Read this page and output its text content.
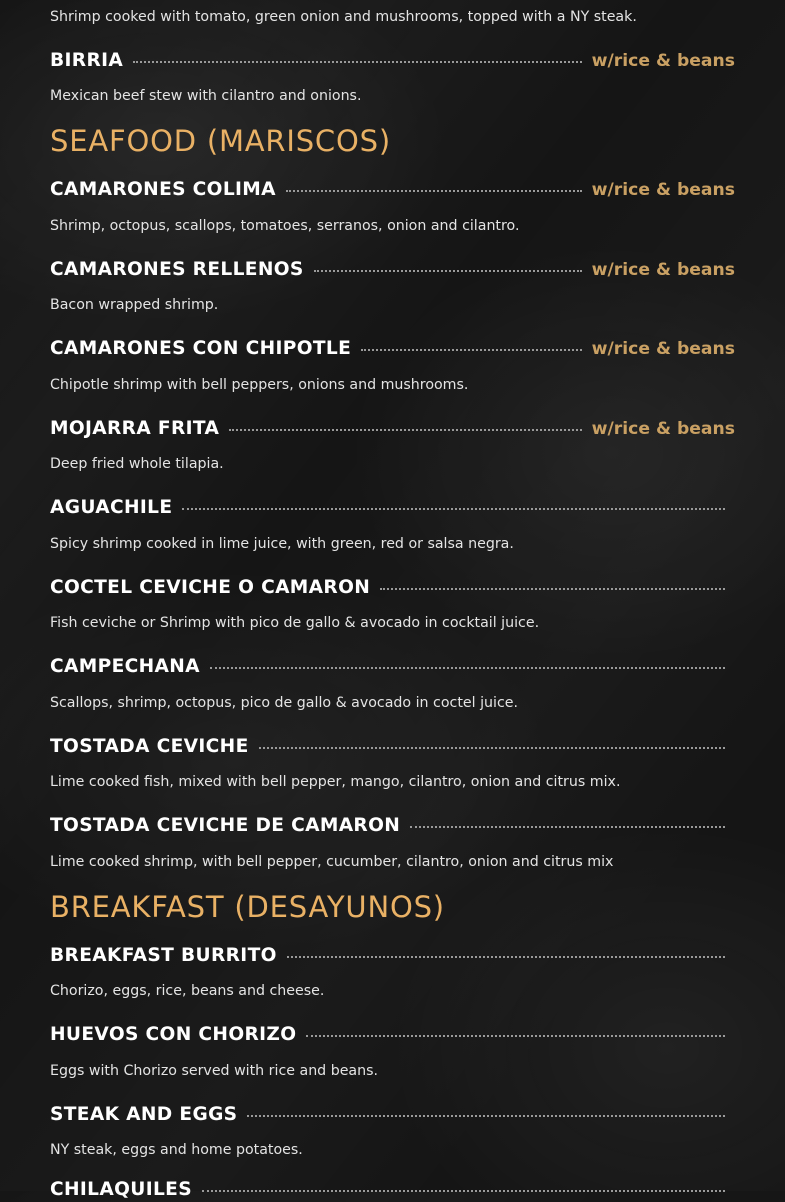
Shrimp cooked with tomato, green onion and mushrooms, topped with a NY steak.
BIRRIA	w/rice & beans
Mexican beef stew with cilantro and onions.
SEAFOOD (MARISCOS)
CAMARONES COLIMA	w/rice & beans
Shrimp, octopus, scallops, tomatoes, serranos, onion and cilantro.
CAMARONES RELLENOS	w/rice & beans
Bacon wrapped shrimp.
CAMARONES CON CHIPOTLE	w/rice & beans
Chipotle shrimp with bell peppers, onions and mushrooms.
MOJARRA FRITA	w/rice & beans
Deep fried whole tilapia.
AGUACHILE
Spicy shrimp cooked in lime juice, with green, red or salsa negra.
COCTEL CEVICHE O CAMARON
Fish ceviche or Shrimp with pico de gallo & avocado in cocktail juice.
CAMPECHANA
Scallops, shrimp, octopus, pico de gallo & avocado in coctel juice.
TOSTADA CEVICHE
Lime cooked fish, mixed with bell pepper, mango, cilantro, onion and citrus mix.
TOSTADA CEVICHE DE CAMARON
Lime cooked shrimp, with bell pepper, cucumber, cilantro, onion and citrus mix
BREAKFAST (DESAYUNOS)
BREAKFAST BURRITO
Chorizo, eggs, rice, beans and cheese.
HUEVOS CON CHORIZO
Eggs with Chorizo served with rice and beans.
STEAK AND EGGS
NY steak, eggs and home potatoes.
CHILAQUILES
